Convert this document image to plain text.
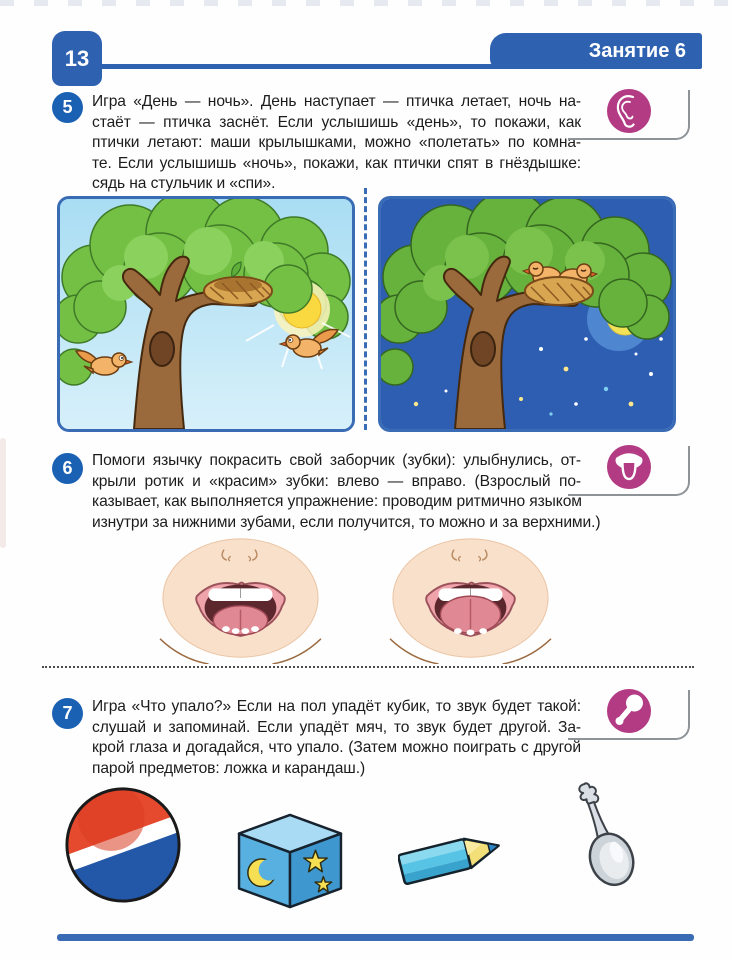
13	Занятие 6
5 Игра «День — ночь». День наступает — птичка летает, ночь на-
стаёт — птичка заснёт. Если услышишь «день», то покажи, как
птички летают: маши крылышками, можно «полетать» по комна-
те. Если услышишь «ночь», покажи, как птички спят в гнёздышке:
сядь на стульчик и «спи».
6 Помоги язычку покрасить свой заборчик (зубки): улыбнулись, от-
крыли ротик и «красим» зубки: влево — вправо. (Взрослый по-
казывает, как выполняется упражнение: проводим ритмично языком
изнутри за нижними зубами, если получится, то можно и за верхними.)
7 Игра «Что упало?» Если на пол упадёт кубик, то звук будет такой:
слушай и запоминай. Если упадёт мяч, то звук будет другой. За-
крой глаза и догадайся, что упало. (Затем можно поиграть с другой
парой предметов: ложка и карандаш.)
